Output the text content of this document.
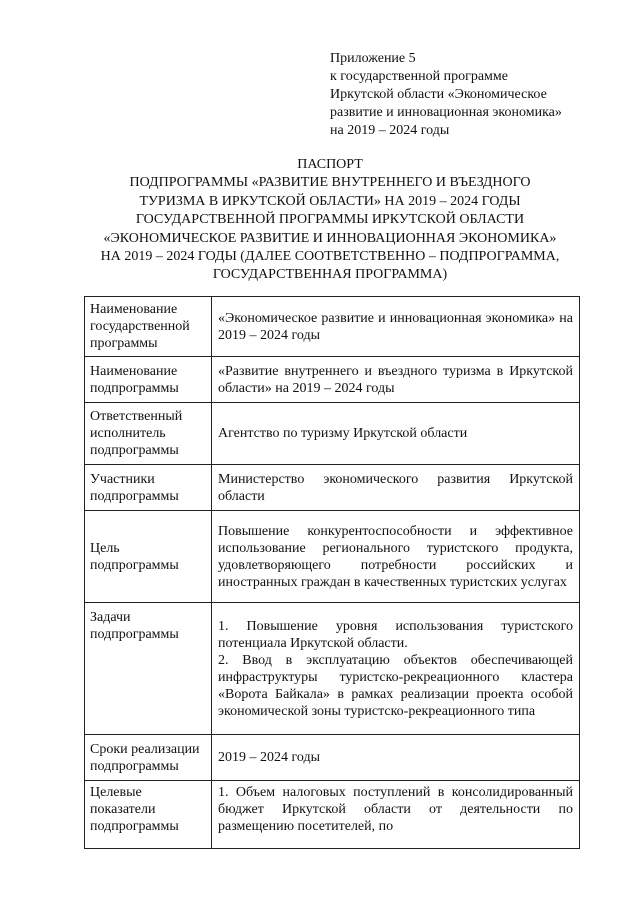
Приложение 5
к государственной программе
Иркутской области «Экономическое
развитие и инновационная экономика»
на 2019 – 2024 годы
ПАСПОРТ
ПОДПРОГРАММЫ «РАЗВИТИЕ ВНУТРЕННЕГО И ВЪЕЗДНОГО
ТУРИЗМА В ИРКУТСКОЙ ОБЛАСТИ» НА 2019 – 2024 ГОДЫ
ГОСУДАРСТВЕННОЙ ПРОГРАММЫ ИРКУТСКОЙ ОБЛАСТИ
«ЭКОНОМИЧЕСКОЕ РАЗВИТИЕ И ИННОВАЦИОННАЯ ЭКОНОМИКА»
НА 2019 – 2024 ГОДЫ (ДАЛЕЕ СООТВЕТСТВЕННО – ПОДПРОГРАММА,
ГОСУДАРСТВЕННАЯ ПРОГРАММА)
Наименование государственной программы	«Экономическое развитие и инновационная экономика» на 2019 – 2024 годы
Наименование подпрограммы	«Развитие внутреннего и въездного туризма в Иркутской области» на 2019 – 2024 годы
Ответственный исполнитель подпрограммы	Агентство по туризму Иркутской области
Участники подпрограммы	Министерство экономического развития Иркутской области
Цель подпрограммы	Повышение конкурентоспособности и эффективное использование регионального туристского продукта, удовлетворяющего потребности российских и иностранных граждан в качественных туристских услугах
Задачи подпрограммы	1. Повышение уровня использования туристского потенциала Иркутской области.
2. Ввод в эксплуатацию объектов обеспечивающей инфраструктуры туристско-рекреационного кластера «Ворота Байкала» в рамках реализации проекта особой экономической зоны туристско-рекреационного типа

Сроки реализации подпрограммы	2019 – 2024 годы
Целевые показатели подпрограммы	1. Объем налоговых поступлений в консолидированный бюджет Иркутской области от деятельности по размещению посетителей, по
